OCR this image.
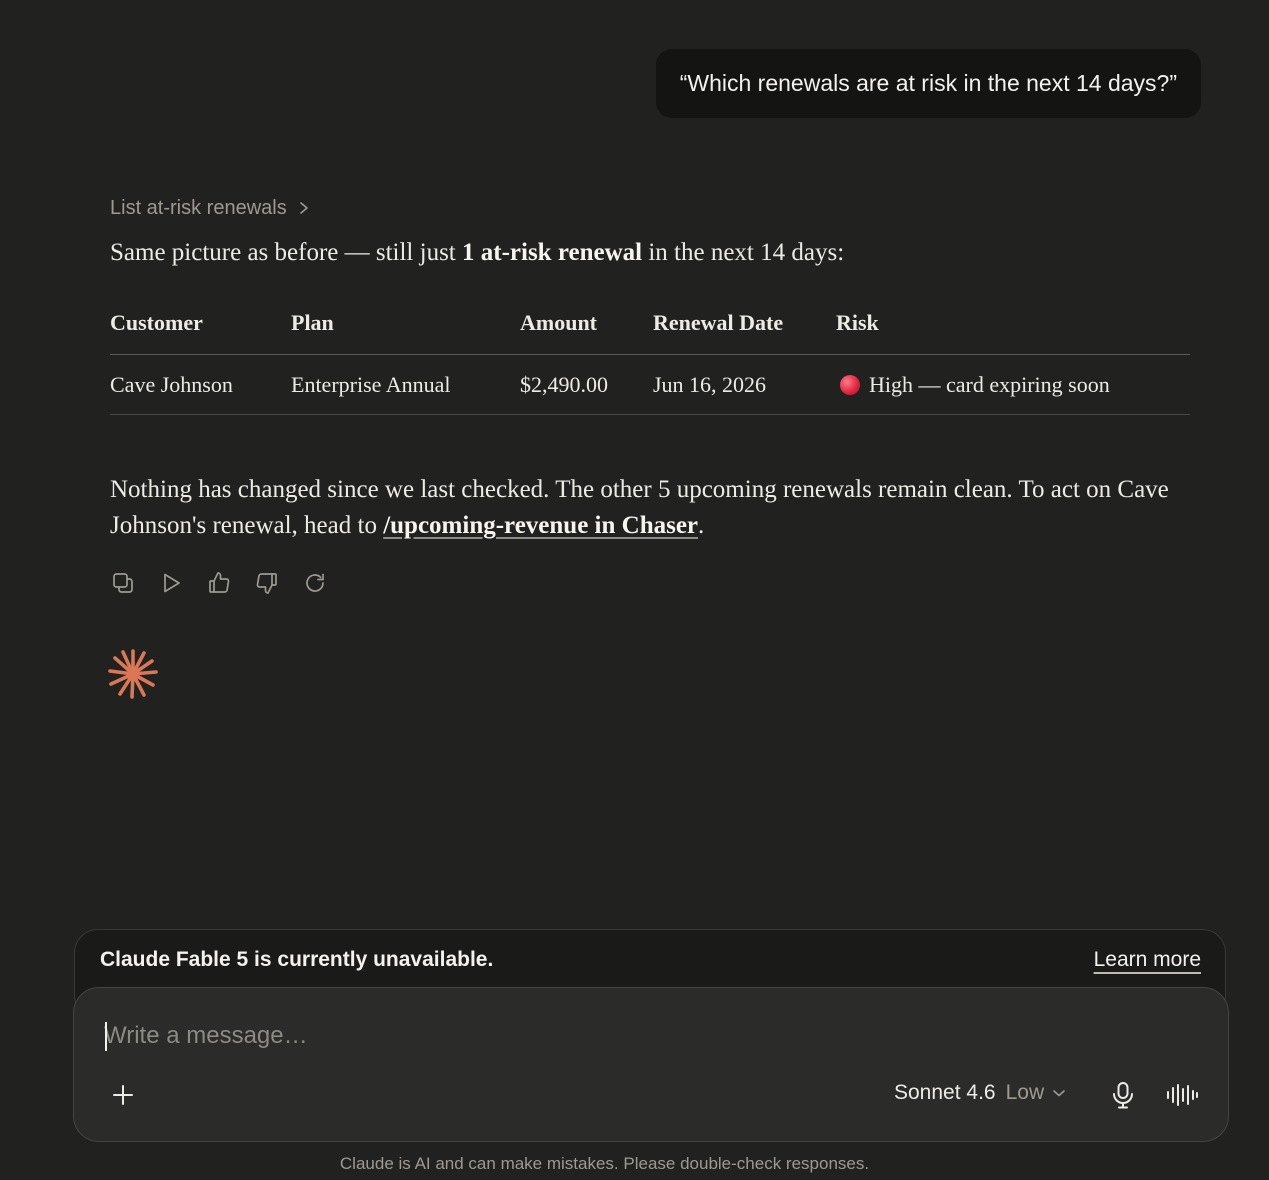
“Which renewals are at risk in the next 14 days?”
List at-risk renewals
Same picture as before — still just 1 at-risk renewal in the next 14 days:
Customer	Plan	Amount	Renewal Date	Risk
Cave Johnson	Enterprise Annual	$2,490.00	Jun 16, 2026	High — card expiring soon
Nothing has changed since we last checked. The other 5 upcoming renewals remain clean. To act on Cave Johnson's renewal, head to /upcoming-revenue in Chaser.
Claude Fable 5 is currently unavailable.	Learn more
Write a message…
Sonnet 4.6 Low
Claude is AI and can make mistakes. Please double-check responses.
